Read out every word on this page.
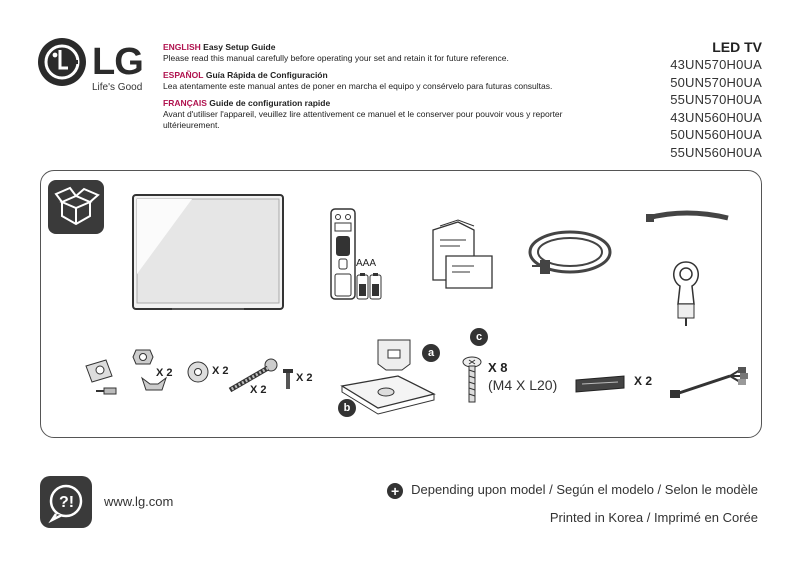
LG
Life's Good
ENGLISH Easy Setup Guide
Please read this manual carefully before operating your set and retain it for future reference.
ESPAÑOL Guía Rápida de Configuración
Lea atentamente este manual antes de poner en marcha el equipo y consérvelo para futuras consultas.
FRANÇAIS Guide de configuration rapide
Avant d'utiliser l'appareil, veuillez lire attentivement ce manuel et le conserver pour pouvoir vous y reporter
ultérieurement.
LED TV
43UN570H0UA
50UN570H0UA
55UN570H0UA
43UN560H0UA
50UN560H0UA
55UN560H0UA
AAA
X 2	X 2
X 2
X 2
a
b
c
X 8
(M4 X L20)	X 2
?! www.lg.com
+ Depending upon model / Según el modelo / Selon le modèle
Printed in Korea / Imprimé en Corée
